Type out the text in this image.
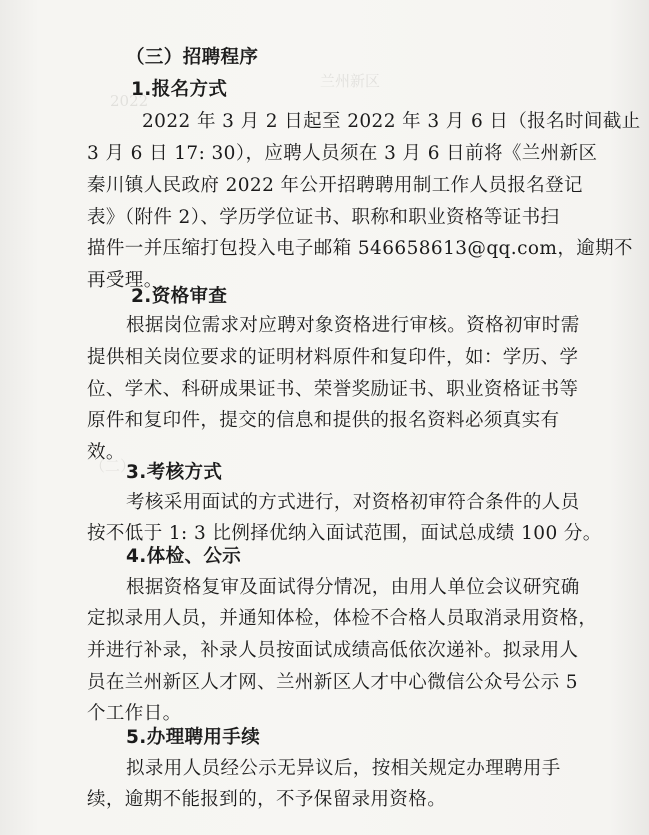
兰州新区
2022
（二）
（三）招聘程序
1.报名方式
2022 年 3 月 2 日起至 2022 年 3 月 6 日（报名时间截止
3 月 6 日 17: 30），应聘人员须在 3 月 6 日前将《兰州新区
秦川镇人民政府 2022 年公开招聘聘用制工作人员报名登记
表》（附件 2）、学历学位证书、职称和职业资格等证书扫
描件一并压缩打包投入电子邮箱 546658613@qq.com，逾期不
再受理。
2.资格审查
根据岗位需求对应聘对象资格进行审核。资格初审时需
提供相关岗位要求的证明材料原件和复印件，如：学历、学
位、学术、科研成果证书、荣誉奖励证书、职业资格证书等
原件和复印件，提交的信息和提供的报名资料必须真实有
效。
3.考核方式
考核采用面试的方式进行，对资格初审符合条件的人员
按不低于 1: 3 比例择优纳入面试范围，面试总成绩 100 分。
4.体检、公示
根据资格复审及面试得分情况，由用人单位会议研究确
定拟录用人员，并通知体检，体检不合格人员取消录用资格，
并进行补录，补录人员按面试成绩高低依次递补。拟录用人
员在兰州新区人才网、兰州新区人才中心微信公众号公示 5
个工作日。
5.办理聘用手续
拟录用人员经公示无异议后，按相关规定办理聘用手
续，逾期不能报到的，不予保留录用资格。
